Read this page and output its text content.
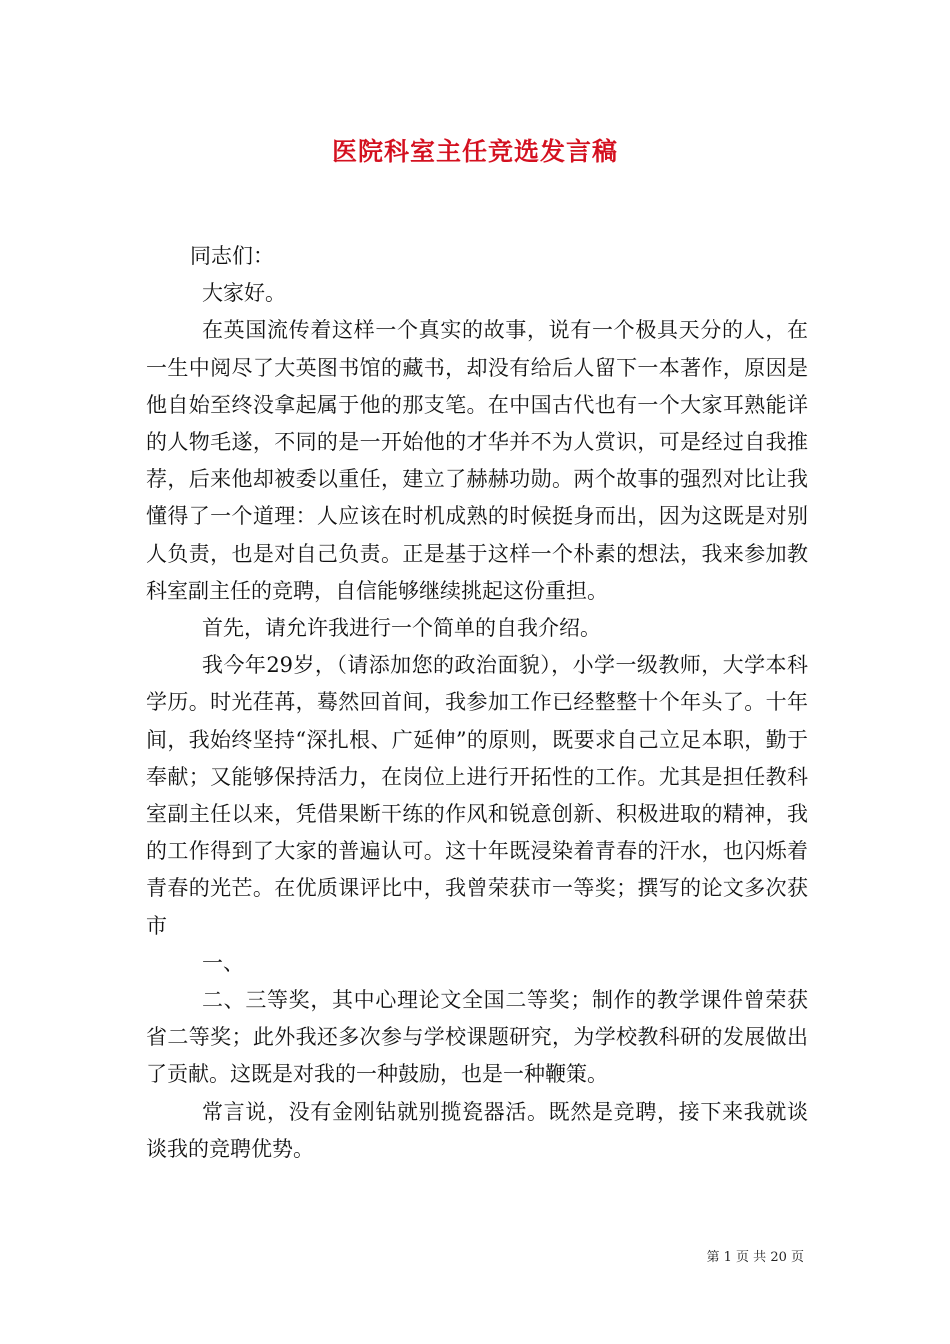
医院科室主任竞选发言稿

同志们：

大家好。

在英国流传着这样一个真实的故事，说有一个极具天分的人，在一生中阅尽了大英图书馆的藏书，却没有给后人留下一本著作，原因是他自始至终没拿起属于他的那支笔。在中国古代也有一个大家耳熟能详的人物毛遂，不同的是一开始他的才华并不为人赏识，可是经过自我推荐，后来他却被委以重任，建立了赫赫功勋。两个故事的强烈对比让我懂得了一个道理：人应该在时机成熟的时候挺身而出，因为这既是对别人负责，也是对自己负责。正是基于这样一个朴素的想法，我来参加教科室副主任的竞聘，自信能够继续挑起这份重担。

首先，请允许我进行一个简单的自我介绍。

我今年29岁，（请添加您的政治面貌），小学一级教师，大学本科学历。时光荏苒，蓦然回首间，我参加工作已经整整十个年头了。十年间，我始终坚持“深扎根、广延伸”的原则，既要求自己立足本职，勤于奉献；又能够保持活力，在岗位上进行开拓性的工作。尤其是担任教科室副主任以来，凭借果断干练的作风和锐意创新、积极进取的精神，我的工作得到了大家的普遍认可。这十年既浸染着青春的汗水，也闪烁着青春的光芒。在优质课评比中，我曾荣获市一等奖；撰写的论文多次获市

一、

二、三等奖，其中心理论文全国二等奖；制作的教学课件曾荣获省二等奖；此外我还多次参与学校课题研究，为学校教科研的发展做出了贡献。这既是对我的一种鼓励，也是一种鞭策。

常言说，没有金刚钻就别揽瓷器活。既然是竞聘，接下来我就谈谈我的竞聘优势。

第 1 页 共 20 页
